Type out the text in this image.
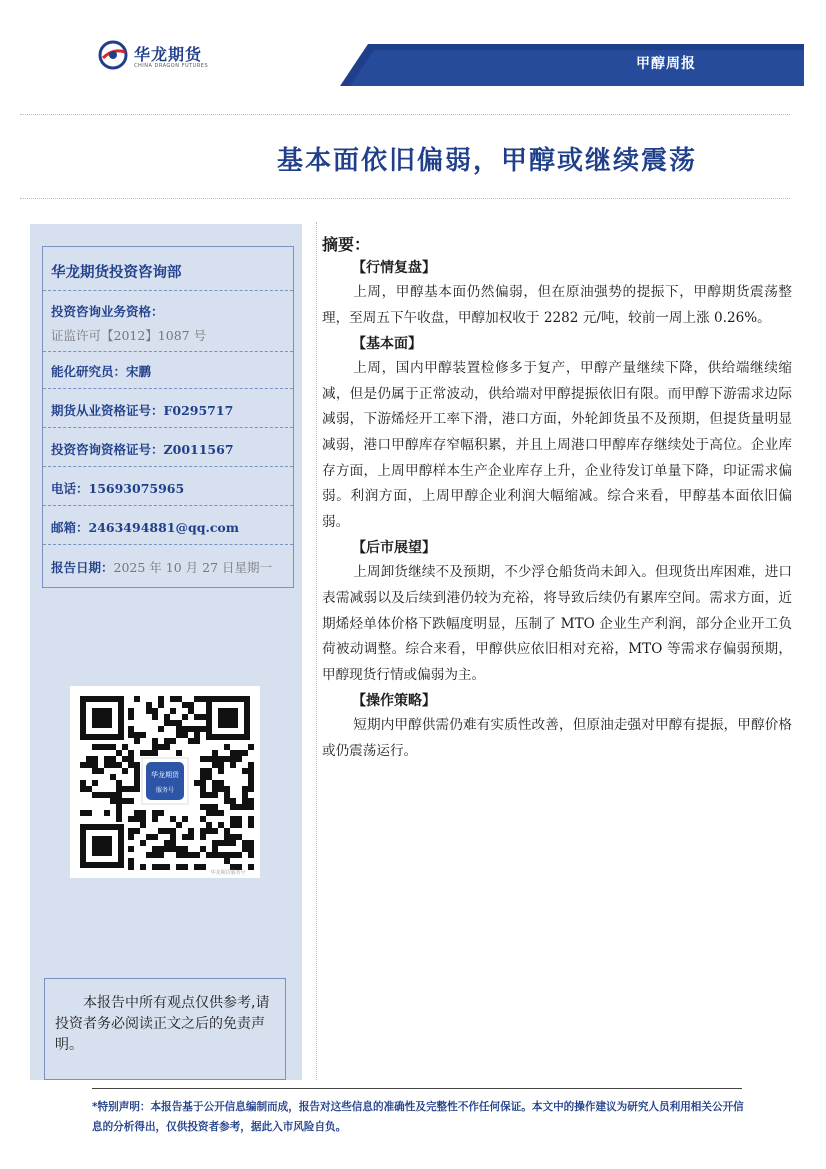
华龙期货
CHINA DRAGON FUTURES	甲醇周报
基本面依旧偏弱，甲醇或继续震荡
华龙期货投资咨询部
投资咨询业务资格：
证监许可【2012】1087 号
能化研究员：宋鹏
期货从业资格证号：F0295717
投资咨询资格证号：Z0011567
电话：15693075965
邮箱：2463494881@qq.com
报告日期：2025 年 10 月 27 日星期一
华龙期货
服务号
华龙期货服务号
本报告中所有观点仅供参考,请投资者务必阅读正文之后的免责声明。
摘要：
【行情复盘】
上周，甲醇基本面仍然偏弱，但在原油强势的提振下，甲醇期货震荡整理，至周五下午收盘，甲醇加权收于 2282 元/吨，较前一周上涨 0.26%。
【基本面】
上周，国内甲醇装置检修多于复产，甲醇产量继续下降，供给端继续缩减，但是仍属于正常波动，供给端对甲醇提振依旧有限。而甲醇下游需求边际减弱，下游烯烃开工率下滑，港口方面，外轮卸货虽不及预期，但提货量明显减弱，港口甲醇库存窄幅积累，并且上周港口甲醇库存继续处于高位。企业库存方面，上周甲醇样本生产企业库存上升，企业待发订单量下降，印证需求偏弱。利润方面，上周甲醇企业利润大幅缩减。综合来看，甲醇基本面依旧偏弱。
【后市展望】
上周卸货继续不及预期，不少浮仓船货尚未卸入。但现货出库困难，进口表需减弱以及后续到港仍较为充裕，将导致后续仍有累库空间。需求方面，近期烯烃单体价格下跌幅度明显，压制了 MTO 企业生产利润，部分企业开工负荷被动调整。综合来看，甲醇供应依旧相对充裕，MTO 等需求存偏弱预期，甲醇现货行情或偏弱为主。
【操作策略】
短期内甲醇供需仍难有实质性改善，但原油走强对甲醇有提振，甲醇价格或仍震荡运行。
*特别声明：本报告基于公开信息编制而成，报告对这些信息的准确性及完整性不作任何保证。本文中的操作建议为研究人员利用相关公开信息的分析得出，仅供投资者参考，据此入市风险自负。
